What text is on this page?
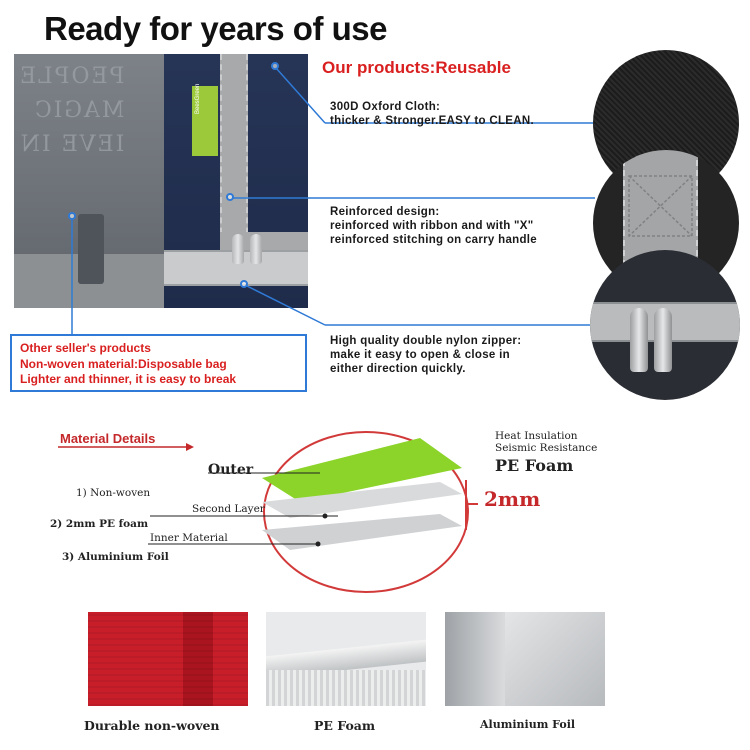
Ready for years of use
Our products:Reusable
PEOPLE
MAGIC
IEVE IN
BeesGreen	300D Oxford Cloth:
thicker & Stronger.EASY to CLEAN.
Reinforced design:
reinforced with ribbon and with "X"
reinforced stitching on carry handle
High quality double nylon zipper:
make it easy to open & close in
either direction quickly.
Other seller's products
Non-woven material:Disposable bag
Lighter and thinner, it is easy to break
Material Details
Outer
Second Layer
Inner Material
1) Non-woven
2) 2mm PE foam
3) Aluminium Foil
Heat Insulation
Seismic Resistance
PE Foam
2mm
Durable non-woven	PE Foam	Aluminium Foil
